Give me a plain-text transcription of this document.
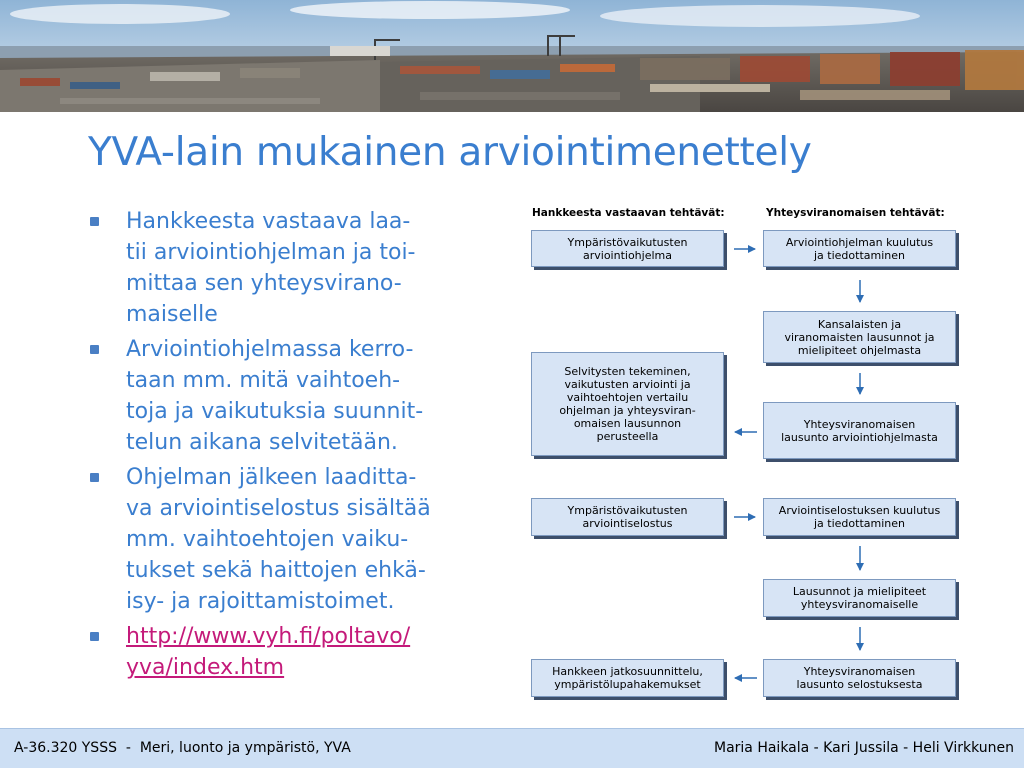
YVA-lain mukainen arviointimenettely
Hankkeesta vastaava laa-
tii arviointiohjelman ja toi-
mittaa sen yhteysvirano-
maiselle
Arviointiohjelmassa kerro-
taan mm. mitä vaihtoeh-
toja ja vaikutuksia suunnit-
telun aikana selvitetään.
Ohjelman jälkeen laaditta-
va arviointiselostus sisältää
mm. vaihtoehtojen vaiku-
tukset sekä haittojen ehkä-
isy- ja rajoittamistoimet.
http://www.vyh.fi/poltavo/
yva/index.htm
Hankkeesta vastaavan tehtävät:	Yhteysviranomaisen tehtävät:
Ympäristövaikutusten
arviointiohjelma
Selvitysten tekeminen,
vaikutusten arviointi ja
vaihtoehtojen vertailu
ohjelman ja yhteysviran-
omaisen lausunnon
perusteella
Ympäristövaikutusten
arviointiselostus
Hankkeen jatkosuunnittelu,
ympäristölupahakemukset
Arviointiohjelman kuulutus
ja tiedottaminen
Kansalaisten ja
viranomaisten lausunnot ja
mielipiteet ohjelmasta
Yhteysviranomaisen
lausunto arviointiohjelmasta
Arviointiselostuksen kuulutus
ja tiedottaminen
Lausunnot ja mielipiteet
yhteysviranomaiselle
Yhteysviranomaisen
lausunto selostuksesta
A-36.320 YSSS  -  Meri, luonto ja ympäristö, YVA	Maria Haikala - Kari Jussila - Heli Virkkunen
